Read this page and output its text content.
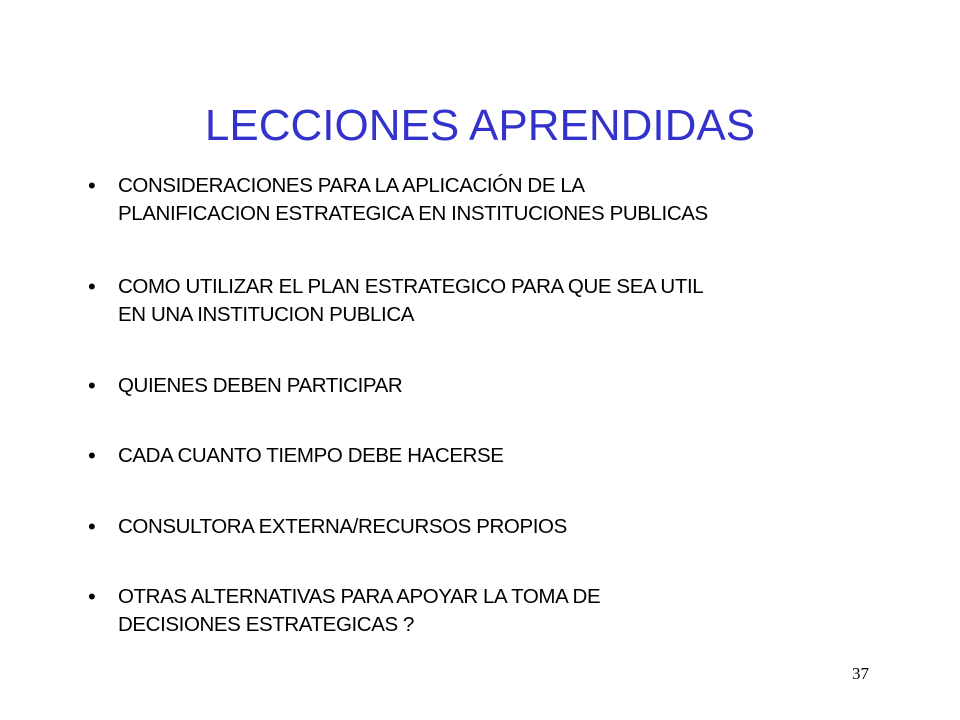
LECCIONES APRENDIDAS
•	CONSIDERACIONES PARA LA APLICACIÓN DE LA
PLANIFICACION ESTRATEGICA EN INSTITUCIONES PUBLICAS
•	COMO UTILIZAR EL PLAN ESTRATEGICO PARA QUE SEA UTIL
EN UNA INSTITUCION PUBLICA
•	QUIENES DEBEN PARTICIPAR
•	CADA CUANTO TIEMPO DEBE HACERSE
•	CONSULTORA EXTERNA/RECURSOS PROPIOS
•	OTRAS ALTERNATIVAS PARA APOYAR LA TOMA DE
DECISIONES ESTRATEGICAS ?
37
